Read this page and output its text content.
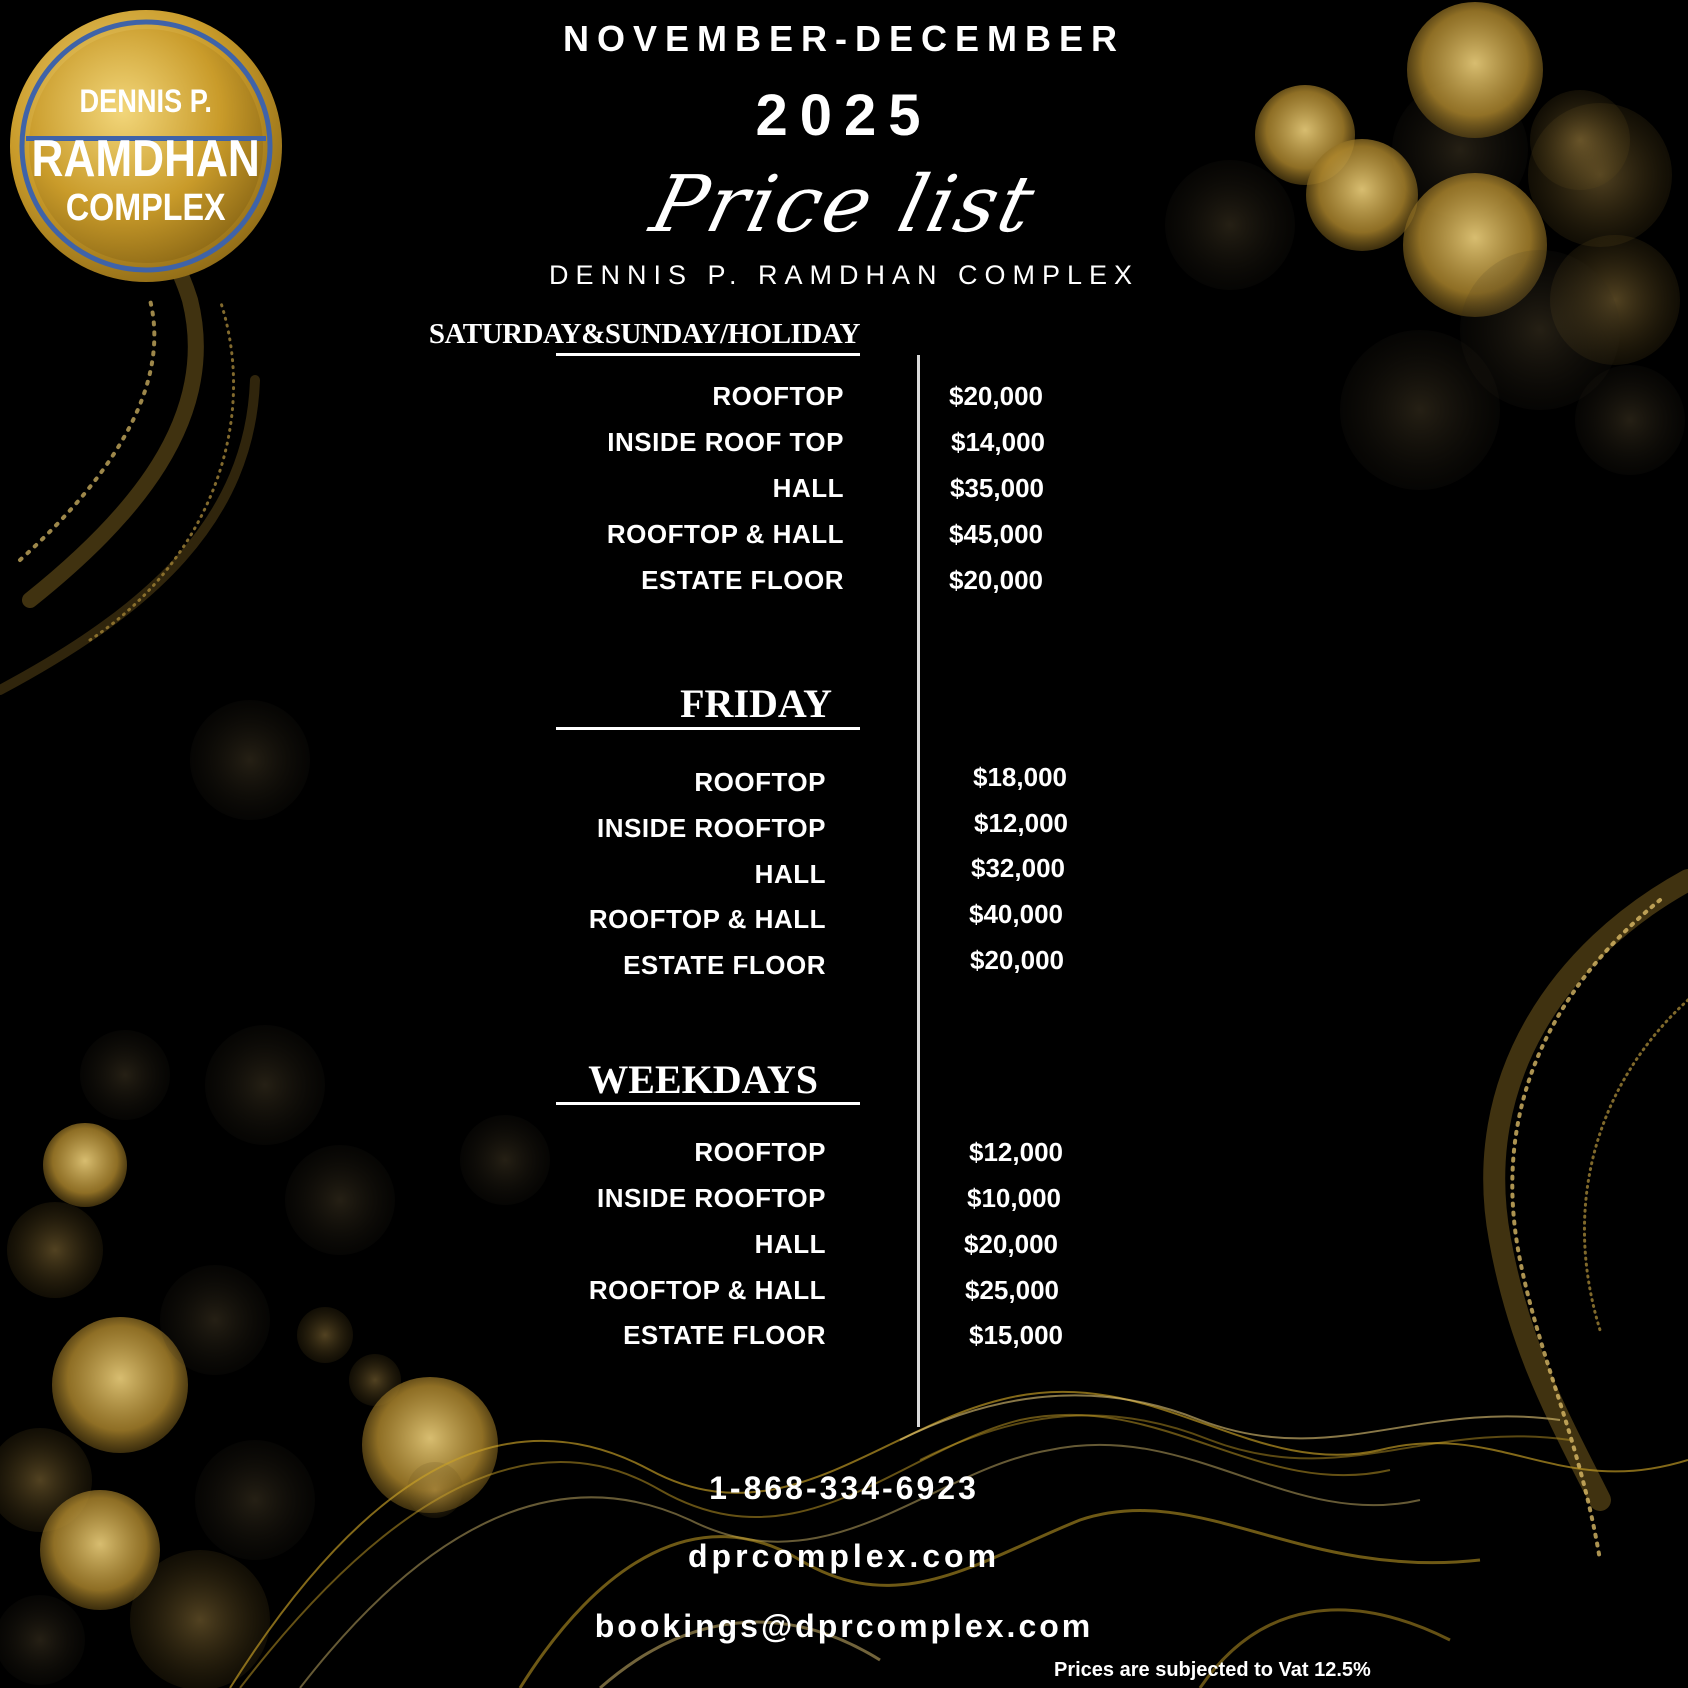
DENNIS P.
RAMDHAN
COMPLEX
NOVEMBER-DECEMBER
2025
Price list
DENNIS P. RAMDHAN COMPLEX
SATURDAY&SUNDAY/HOLIDAY
ROOFTOP	$20,000
INSIDE ROOF TOP	$14,000
HALL	$35,000
ROOFTOP & HALL	$45,000
ESTATE FLOOR	$20,000
FRIDAY
ROOFTOP	$18,000
INSIDE ROOFTOP	$12,000
HALL	$32,000
ROOFTOP & HALL	$40,000
ESTATE FLOOR	$20,000
WEEKDAYS
ROOFTOP	$12,000
INSIDE ROOFTOP	$10,000
HALL	$20,000
ROOFTOP & HALL	$25,000
ESTATE FLOOR	$15,000
1-868-334-6923
dprcomplex.com
bookings@dprcomplex.com
Prices are subjected to Vat 12.5%
